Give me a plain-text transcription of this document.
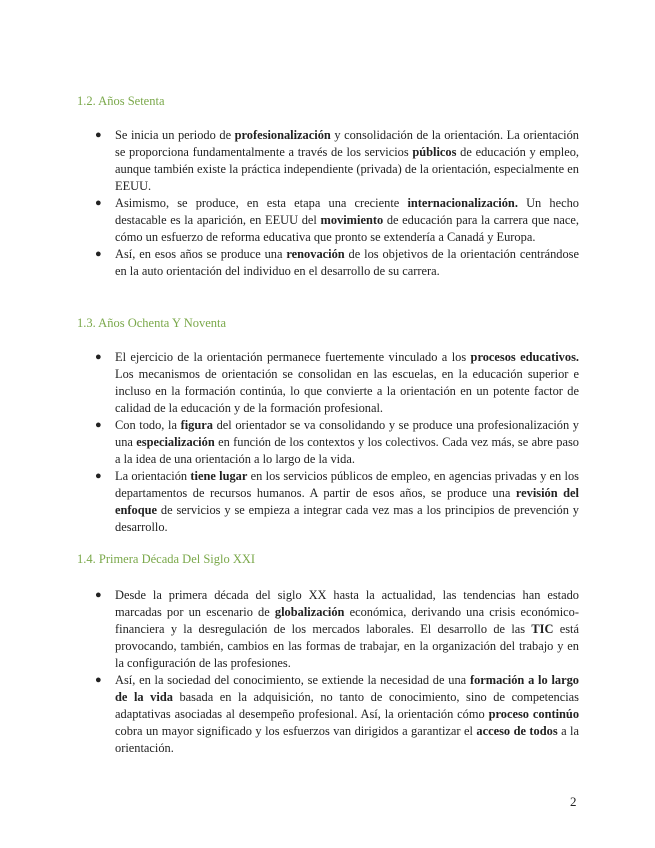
1.2. Años Setenta
● Se inicia un periodo de profesionalización y consolidación de la orientación. La orientación se proporciona fundamentalmente a través de los servicios públicos de educación y empleo, aunque también existe la práctica independiente (privada) de la orientación, especialmente en EEUU.
● Asimismo, se produce, en esta etapa una creciente internacionalización. Un hecho destacable es la aparición, en EEUU del movimiento de educación para la carrera que nace, cómo un esfuerzo de reforma educativa que pronto se extendería a Canadá y Europa.
● Así, en esos años se produce una renovación de los objetivos de la orientación centrándose en la auto orientación del individuo en el desarrollo de su carrera.
1.3. Años Ochenta Y Noventa
● El ejercicio de la orientación permanece fuertemente vinculado a los procesos educativos. Los mecanismos de orientación se consolidan en las escuelas, en la educación superior e incluso en la formación continúa, lo que convierte a la orientación en un potente factor de calidad de la educación y de la formación profesional.
● Con todo, la figura del orientador se va consolidando y se produce una profesionalización y una especialización en función de los contextos y los colectivos. Cada vez más, se abre paso a la idea de una orientación a lo largo de la vida.
● La orientación tiene lugar en los servicios públicos de empleo, en agencias privadas y en los departamentos de recursos humanos. A partir de esos años, se produce una revisión del enfoque de servicios y se empieza a integrar cada vez mas a los principios de prevención y desarrollo.
1.4. Primera Década Del Siglo XXI
● Desde la primera década del siglo XX hasta la actualidad, las tendencias han estado marcadas por un escenario de globalización económica, derivando una crisis económico-financiera y la desregulación de los mercados laborales. El desarrollo de las TIC está provocando, también, cambios en las formas de trabajar, en la organización del trabajo y en la configuración de las profesiones.
● Así, en la sociedad del conocimiento, se extiende la necesidad de una formación a lo largo de la vida basada en la adquisición, no tanto de conocimiento, sino de competencias adaptativas asociadas al desempeño profesional. Así, la orientación cómo proceso continúo cobra un mayor significado y los esfuerzos van dirigidos a garantizar el acceso de todos a la orientación.
2
